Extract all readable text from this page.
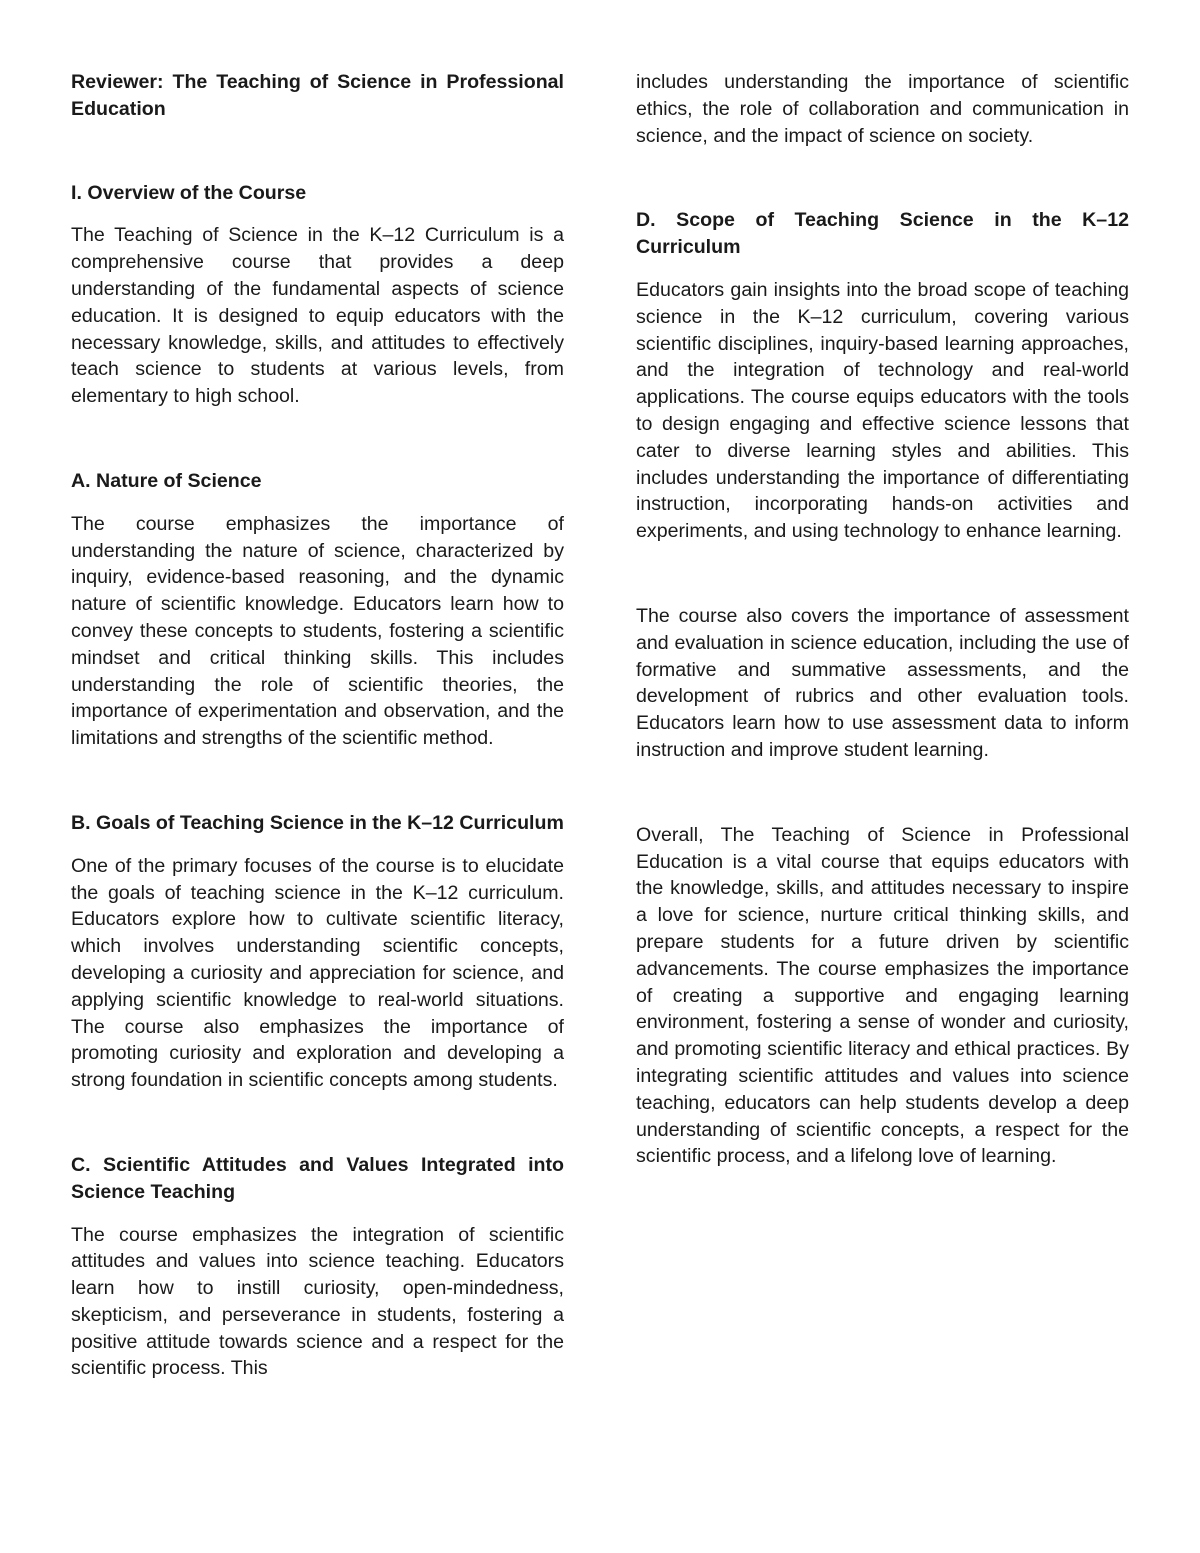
Reviewer: The Teaching of Science in Professional Education
I. Overview of the Course

The Teaching of Science in the K–12 Curriculum is a comprehensive course that provides a deep understanding of the fundamental aspects of science education. It is designed to equip educators with the necessary knowledge, skills, and attitudes to effectively teach science to students at various levels, from elementary to high school.

A. Nature of Science

The course emphasizes the importance of understanding the nature of science, characterized by inquiry, evidence-based reasoning, and the dynamic nature of scientific knowledge. Educators learn how to convey these concepts to students, fostering a scientific mindset and critical thinking skills. This includes understanding the role of scientific theories, the importance of experimentation and observation, and the limitations and strengths of the scientific method.

B. Goals of Teaching Science in the K–12 Curriculum

One of the primary focuses of the course is to elucidate the goals of teaching science in the K–12 curriculum. Educators explore how to cultivate scientific literacy, which involves understanding scientific concepts, developing a curiosity and appreciation for science, and applying scientific knowledge to real-world situations. The course also emphasizes the importance of promoting curiosity and exploration and developing a strong foundation in scientific concepts among students.

C. Scientific Attitudes and Values Integrated into Science Teaching

The course emphasizes the integration of scientific attitudes and values into science teaching. Educators learn how to instill curiosity, open-mindedness, skepticism, and perseverance in students, fostering a positive attitude towards science and a respect for the scientific process. This

includes understanding the importance of scientific ethics, the role of collaboration and communication in science, and the impact of science on society.

D. Scope of Teaching Science in the K–12 Curriculum

Educators gain insights into the broad scope of teaching science in the K–12 curriculum, covering various scientific disciplines, inquiry-based learning approaches, and the integration of technology and real-world applications. The course equips educators with the tools to design engaging and effective science lessons that cater to diverse learning styles and abilities. This includes understanding the importance of differentiating instruction, incorporating hands-on activities and experiments, and using technology to enhance learning.

The course also covers the importance of assessment and evaluation in science education, including the use of formative and summative assessments, and the development of rubrics and other evaluation tools. Educators learn how to use assessment data to inform instruction and improve student learning.

Overall, The Teaching of Science in Professional Education is a vital course that equips educators with the knowledge, skills, and attitudes necessary to inspire a love for science, nurture critical thinking skills, and prepare students for a future driven by scientific advancements. The course emphasizes the importance of creating a supportive and engaging learning environment, fostering a sense of wonder and curiosity, and promoting scientific literacy and ethical practices. By integrating scientific attitudes and values into science teaching, educators can help students develop a deep understanding of scientific concepts, a respect for the scientific process, and a lifelong love of learning.
